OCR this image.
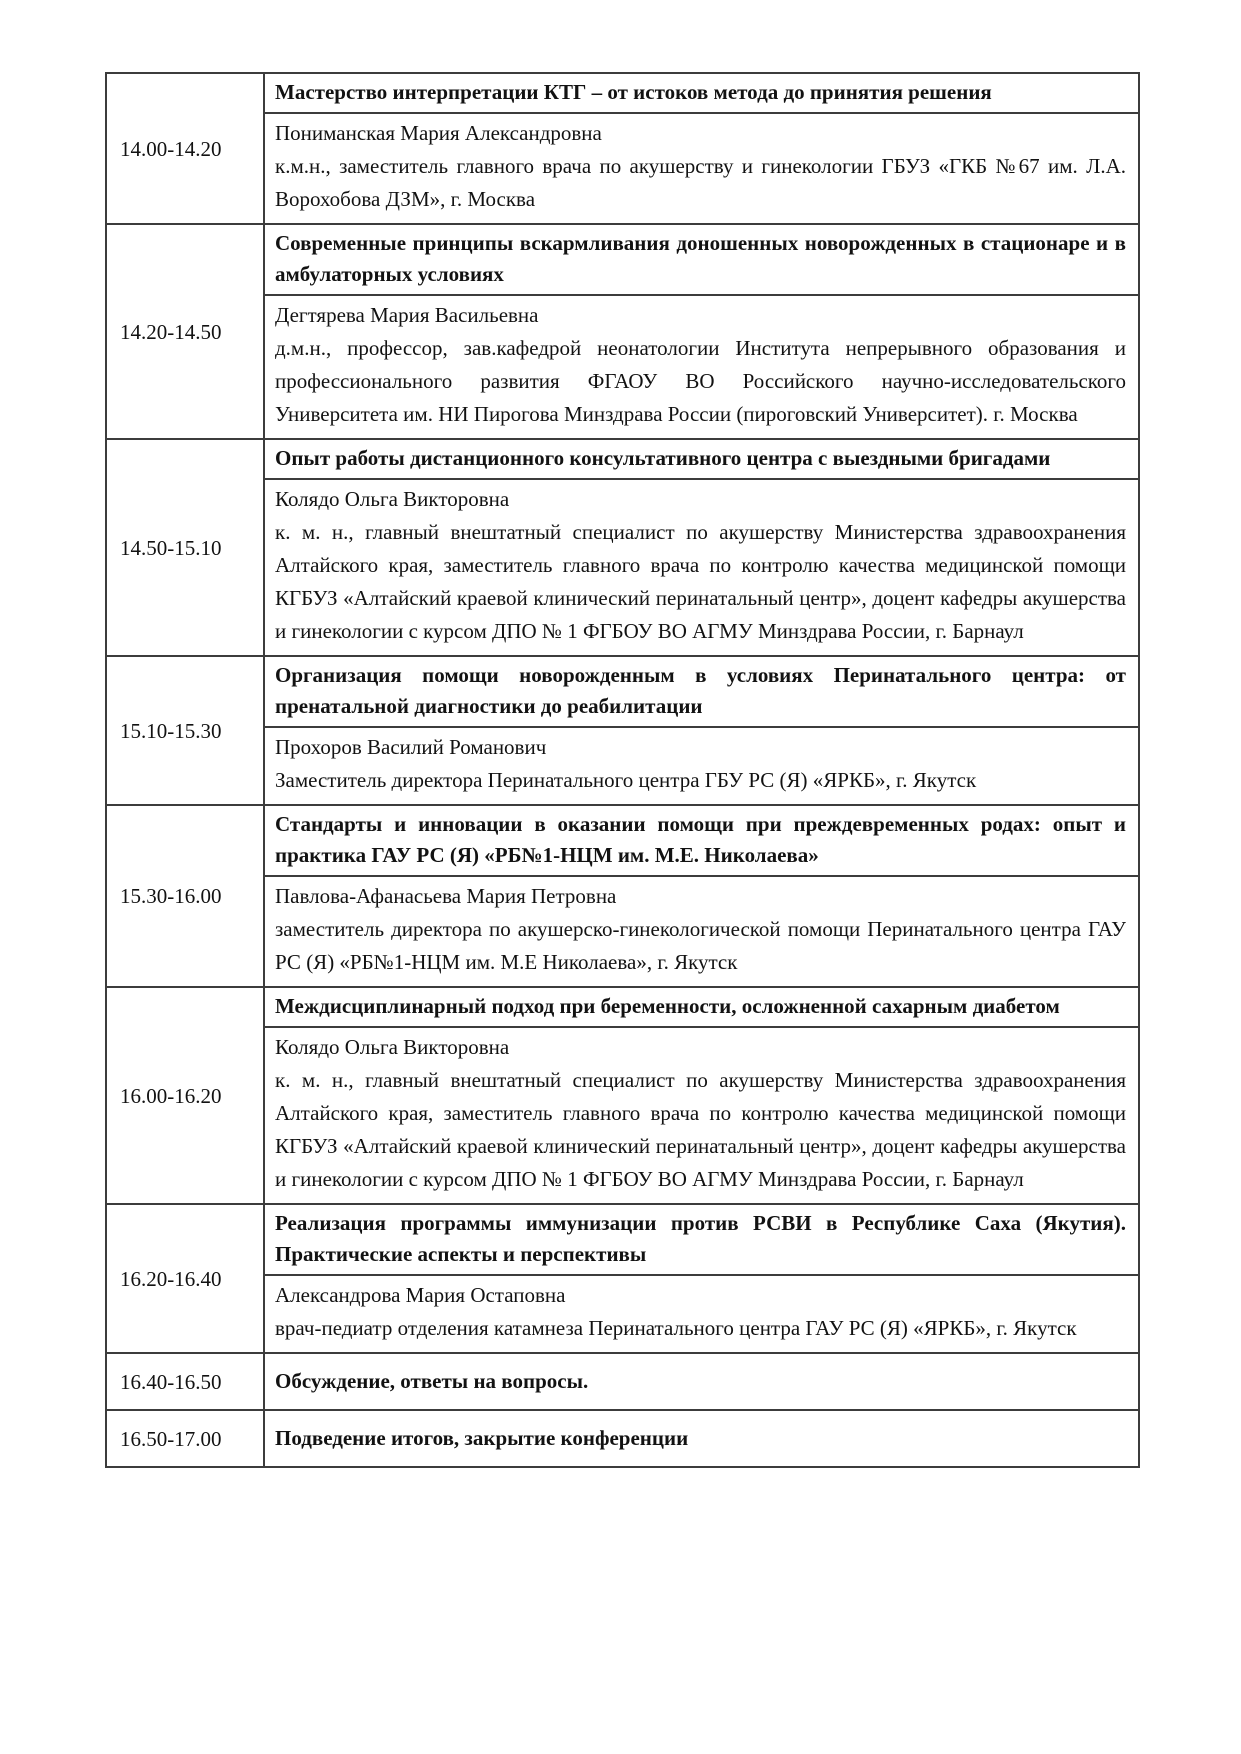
14.00-14.20
Мастерство интерпретации КТГ – от истоков метода до принятия решения
Пониманская Мария Александровна
к.м.н., заместитель главного врача по акушерству и гинекологии ГБУЗ «ГКБ №67 им. Л.А. Ворохобова ДЗМ», г. Москва
14.20-14.50
Современные принципы вскармливания доношенных новорожденных в стационаре и в амбулаторных условиях
Дегтярева Мария Васильевна
д.м.н., профессор, зав.кафедрой неонатологии Института непрерывного образования и профессионального развития ФГАОУ ВО Российского научно-исследовательского Университета им. НИ Пирогова Минздрава России (пироговский Университет). г. Москва
14.50-15.10
Опыт работы дистанционного консультативного центра с выездными бригадами
Колядо Ольга Викторовна
к. м. н., главный внештатный специалист по акушерству Министерства здравоохранения Алтайского края, заместитель главного врача по контролю качества медицинской помощи КГБУЗ «Алтайский краевой клинический перинатальный центр», доцент кафедры акушерства и гинекологии с курсом ДПО № 1 ФГБОУ ВО АГМУ Минздрава России, г. Барнаул
15.10-15.30
Организация помощи новорожденным в условиях Перинатального центра: от пренатальной диагностики до реабилитации
Прохоров Василий Романович
Заместитель директора Перинатального центра ГБУ РС (Я) «ЯРКБ», г. Якутск
15.30-16.00
Стандарты и инновации в оказании помощи при преждевременных родах: опыт и практика ГАУ РС (Я) «РБ№1-НЦМ им. М.Е. Николаева»
Павлова-Афанасьева Мария Петровна
заместитель директора по акушерско-гинекологической помощи Перинатального центра ГАУ РС (Я) «РБ№1-НЦМ им. М.Е Николаева», г. Якутск
16.00-16.20
Междисциплинарный подход при беременности, осложненной сахарным диабетом
Колядо Ольга Викторовна
к. м. н., главный внештатный специалист по акушерству Министерства здравоохранения Алтайского края, заместитель главного врача по контролю качества медицинской помощи КГБУЗ «Алтайский краевой клинический перинатальный центр», доцент кафедры акушерства и гинекологии с курсом ДПО № 1 ФГБОУ ВО АГМУ Минздрава России, г. Барнаул
16.20-16.40
Реализация программы иммунизации против РСВИ в Республике Саха (Якутия). Практические аспекты и перспективы
Александрова Мария Остаповна
врач-педиатр отделения катамнеза Перинатального центра ГАУ РС (Я) «ЯРКБ», г. Якутск
16.40-16.50	Обсуждение, ответы на вопросы.
16.50-17.00	Подведение итогов, закрытие конференции
